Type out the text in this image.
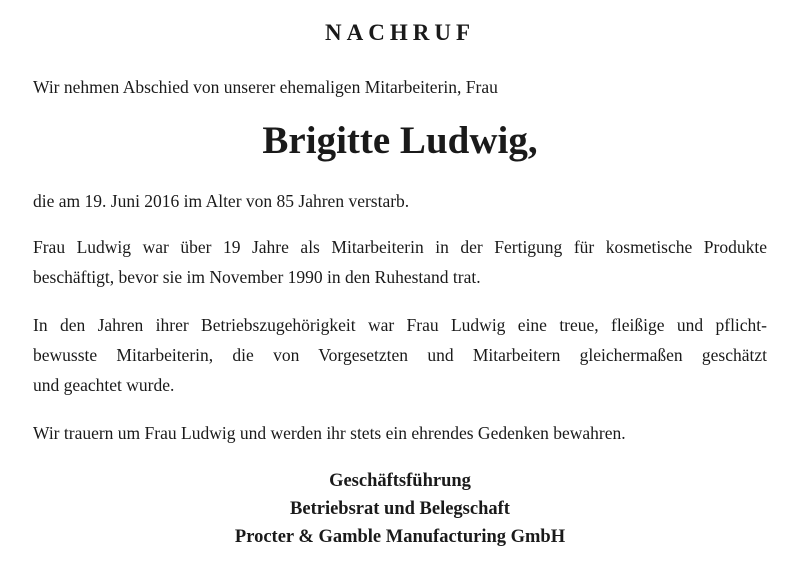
NACHRUF
Wir nehmen Abschied von unserer ehemaligen Mitarbeiterin, Frau
Brigitte Ludwig,
die am 19. Juni 2016 im Alter von 85 Jahren verstarb.
Frau Ludwig war über 19 Jahre als Mitarbeiterin in der Fertigung für kosmetische Produkte
beschäftigt, bevor sie im November 1990 in den Ruhestand trat.
In den Jahren ihrer Betriebszugehörigkeit war Frau Ludwig eine treue, fleißige und pflicht-
bewusste Mitarbeiterin, die von Vorgesetzten und Mitarbeitern gleichermaßen geschätzt
und geachtet wurde.
Wir trauern um Frau Ludwig und werden ihr stets ein ehrendes Gedenken bewahren.
Geschäftsführung
Betriebsrat und Belegschaft
Procter & Gamble Manufacturing GmbH
